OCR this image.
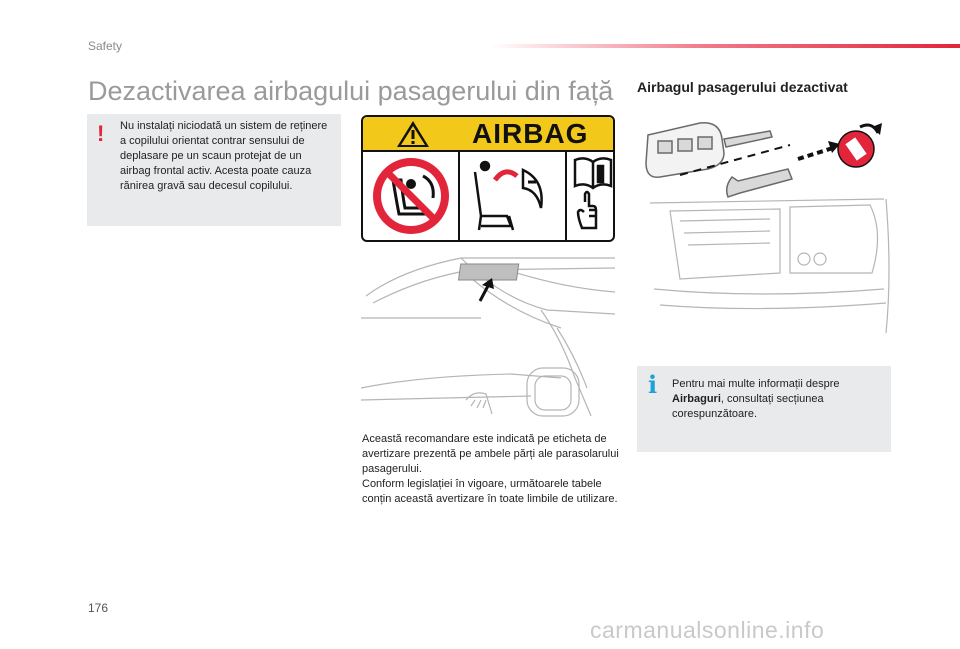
Safety
Dezactivarea airbagului pasagerului din față Airbagul pasagerului dezactivat
! Nu instalați niciodată un sistem de reținere a copilului orientat contrar sensului de deplasare pe un scaun protejat de un airbag frontal activ. Acesta poate cauza rănirea gravă sau decesul copilului.
AIRBAG
Această recomandare este indicată pe eticheta de avertizare prezentă pe ambele părți ale parasolarului pasagerului.
Conform legislației în vigoare, următoarele tabele conțin această avertizare în toate limbile de utilizare.
i Pentru mai multe informații despre Airbaguri, consultați secțiunea corespunzătoare.
176
carmanualsonline.info
